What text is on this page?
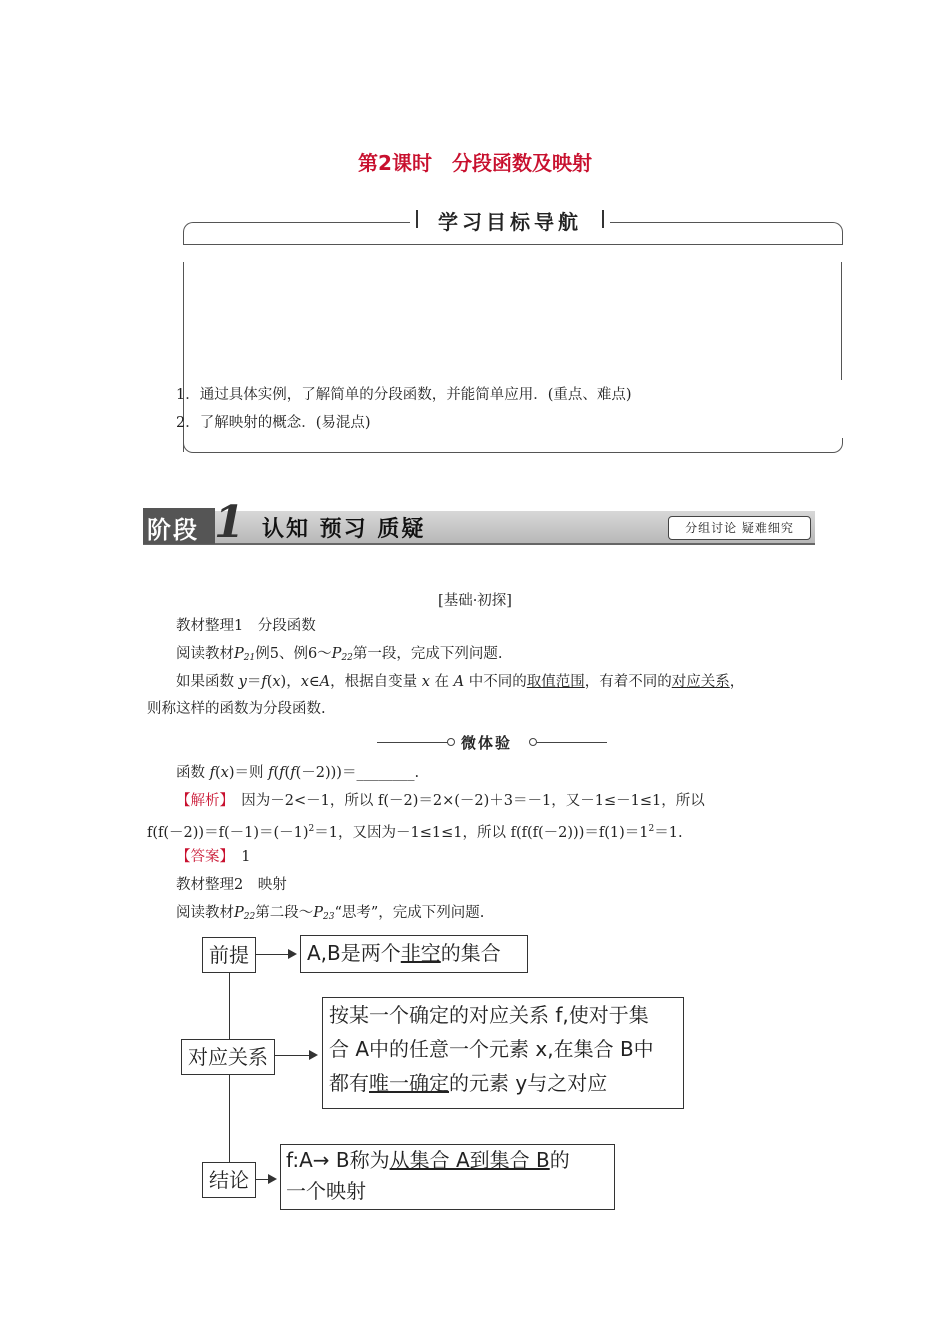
第2课时 分段函数及映射
学习目标导航
1．通过具体实例，了解简单的分段函数，并能简单应用．(重点、难点)
2．了解映射的概念．(易混点)
阶段 1 认知 预习 质疑	分组讨论 疑难细究
[基础·初探]
教材整理1　分段函数
阅读教材$P_{21}$例5、例$6\sim P_{22}$第一段，完成下列问题.
如果函数 y＝f(x)，x∈A，根据自变量 x 在 A 中不同的取值范围，有着不同的对应关系，
则称这样的函数为分段函数.
微体验
函数 f(x)＝则 f(f(f(－2)))＝________.
【解析】　因为－2<－1，所以 f(－2)＝2×(－2)＋3＝－1，又－1≤－1≤1，所以
$f(f(-2))=f(-1)=(-1)^2=1$，又因为－1≤1≤1，所以 $f(f(f(-2)))=f(1)=1^2=1$.
【答案】　1
教材整理2　映射
阅读教材$P_{22}$第二段$\sim P_{23}“$思考”，完成下列问题.
前提	A,B是两个非空的集合
对应关系
按某一个确定的对应关系 f,使对于集
合 A中的任意一个元素 x,在集合 B中
都有唯一确定的元素 y与之对应
结论
f:A→ B称为从集合 A到集合 B的
一个映射
